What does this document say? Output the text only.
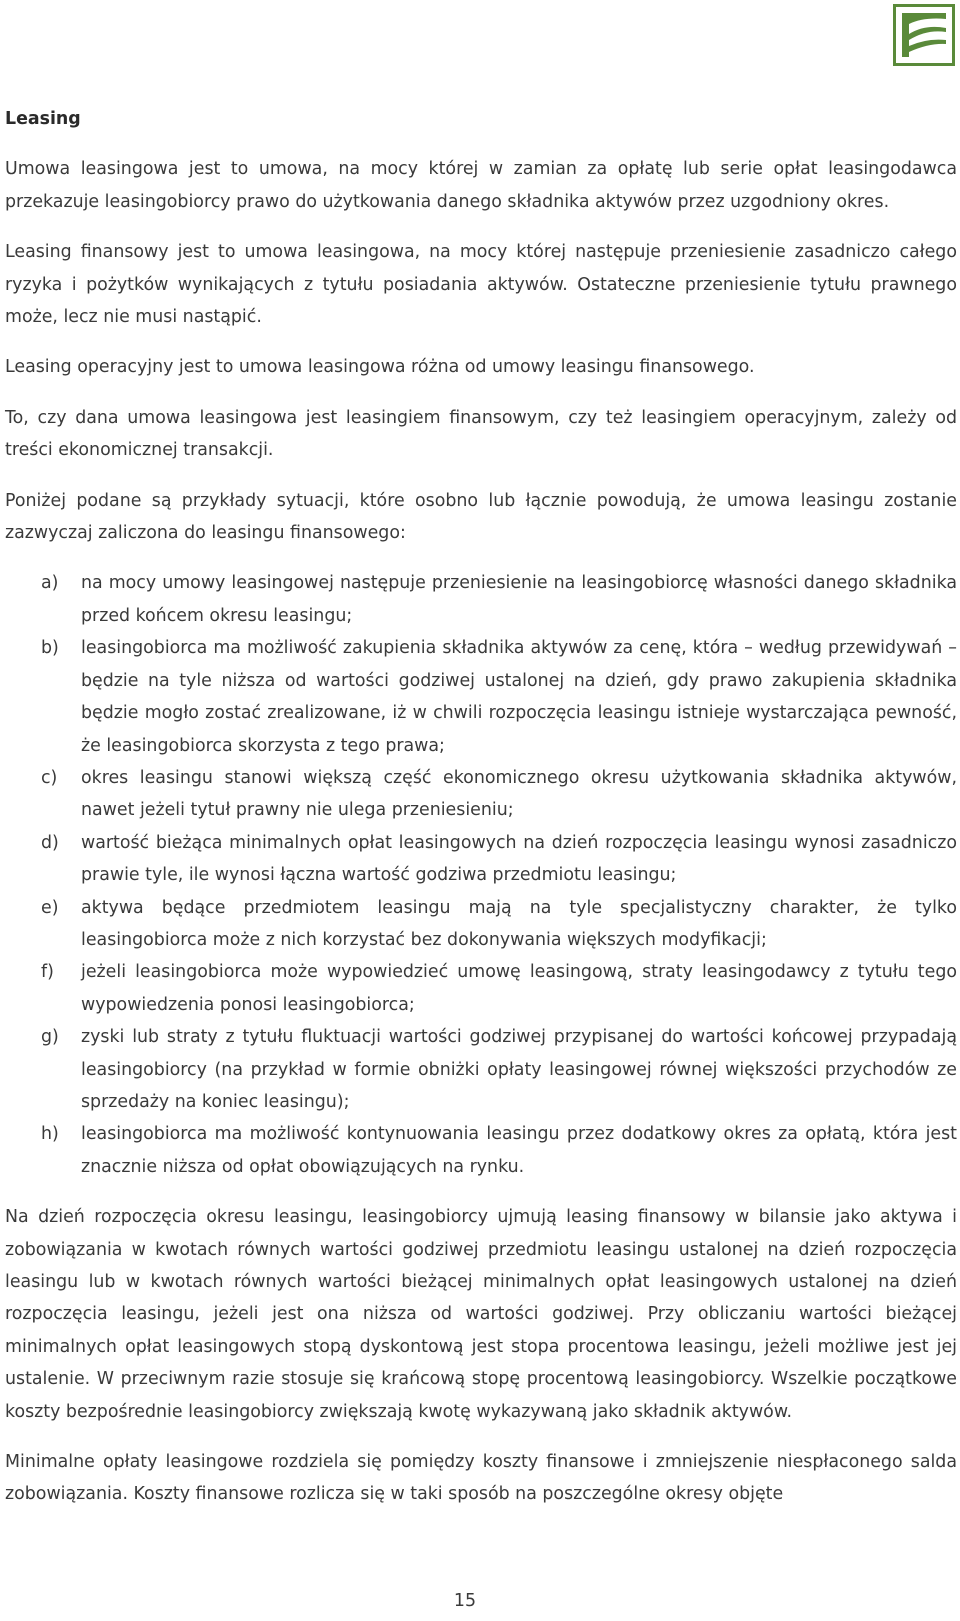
Leasing

Umowa leasingowa jest to umowa, na mocy której w zamian za opłatę lub serie opłat leasingodawca przekazuje leasingobiorcy prawo do użytkowania danego składnika aktywów przez uzgodniony okres.

Leasing finansowy jest to umowa leasingowa, na mocy której następuje przeniesienie zasadniczo całego ryzyka i pożytków wynikających z tytułu posiadania aktywów. Ostateczne przeniesienie tytułu prawnego może, lecz nie musi nastąpić.

Leasing operacyjny jest to umowa leasingowa różna od umowy leasingu finansowego.

To, czy dana umowa leasingowa jest leasingiem finansowym, czy też leasingiem operacyjnym, zależy od treści ekonomicznej transakcji.

Poniżej podane są przykłady sytuacji, które osobno lub łącznie powodują, że umowa leasingu zostanie zazwyczaj zaliczona do leasingu finansowego:

a) na mocy umowy leasingowej następuje przeniesienie na leasingobiorcę własności danego składnika przed końcem okresu leasingu;
b) leasingobiorca ma możliwość zakupienia składnika aktywów za cenę, która – według przewidywań – będzie na tyle niższa od wartości godziwej ustalonej na dzień, gdy prawo zakupienia składnika będzie mogło zostać zrealizowane, iż w chwili rozpoczęcia leasingu istnieje wystarczająca pewność, że leasingobiorca skorzysta z tego prawa;
c) okres leasingu stanowi większą część ekonomicznego okresu użytkowania składnika aktywów, nawet jeżeli tytuł prawny nie ulega przeniesieniu;
d) wartość bieżąca minimalnych opłat leasingowych na dzień rozpoczęcia leasingu wynosi zasadniczo prawie tyle, ile wynosi łączna wartość godziwa przedmiotu leasingu;
e) aktywa będące przedmiotem leasingu mają na tyle specjalistyczny charakter, że tylko leasingobiorca może z nich korzystać bez dokonywania większych modyfikacji;
f) jeżeli leasingobiorca może wypowiedzieć umowę leasingową, straty leasingodawcy z tytułu tego wypowiedzenia ponosi leasingobiorca;
g) zyski lub straty z tytułu fluktuacji wartości godziwej przypisanej do wartości końcowej przypadają leasingobiorcy (na przykład w formie obniżki opłaty leasingowej równej większości przychodów ze sprzedaży na koniec leasingu);
h) leasingobiorca ma możliwość kontynuowania leasingu przez dodatkowy okres za opłatą, która jest znacznie niższa od opłat obowiązujących na rynku.

Na dzień rozpoczęcia okresu leasingu, leasingobiorcy ujmują leasing finansowy w bilansie jako aktywa i zobowiązania w kwotach równych wartości godziwej przedmiotu leasingu ustalonej na dzień rozpoczęcia leasingu lub w kwotach równych wartości bieżącej minimalnych opłat leasingowych ustalonej na dzień rozpoczęcia leasingu, jeżeli jest ona niższa od wartości godziwej. Przy obliczaniu wartości bieżącej minimalnych opłat leasingowych stopą dyskontową jest stopa procentowa leasingu, jeżeli możliwe jest jej ustalenie. W przeciwnym razie stosuje się krańcową stopę procentową leasingobiorcy. Wszelkie początkowe koszty bezpośrednie leasingobiorcy zwiększają kwotę wykazywaną jako składnik aktywów.

Minimalne opłaty leasingowe rozdziela się pomiędzy koszty finansowe i zmniejszenie niespłaconego salda zobowiązania. Koszty finansowe rozlicza się w taki sposób na poszczególne okresy objęte

15
